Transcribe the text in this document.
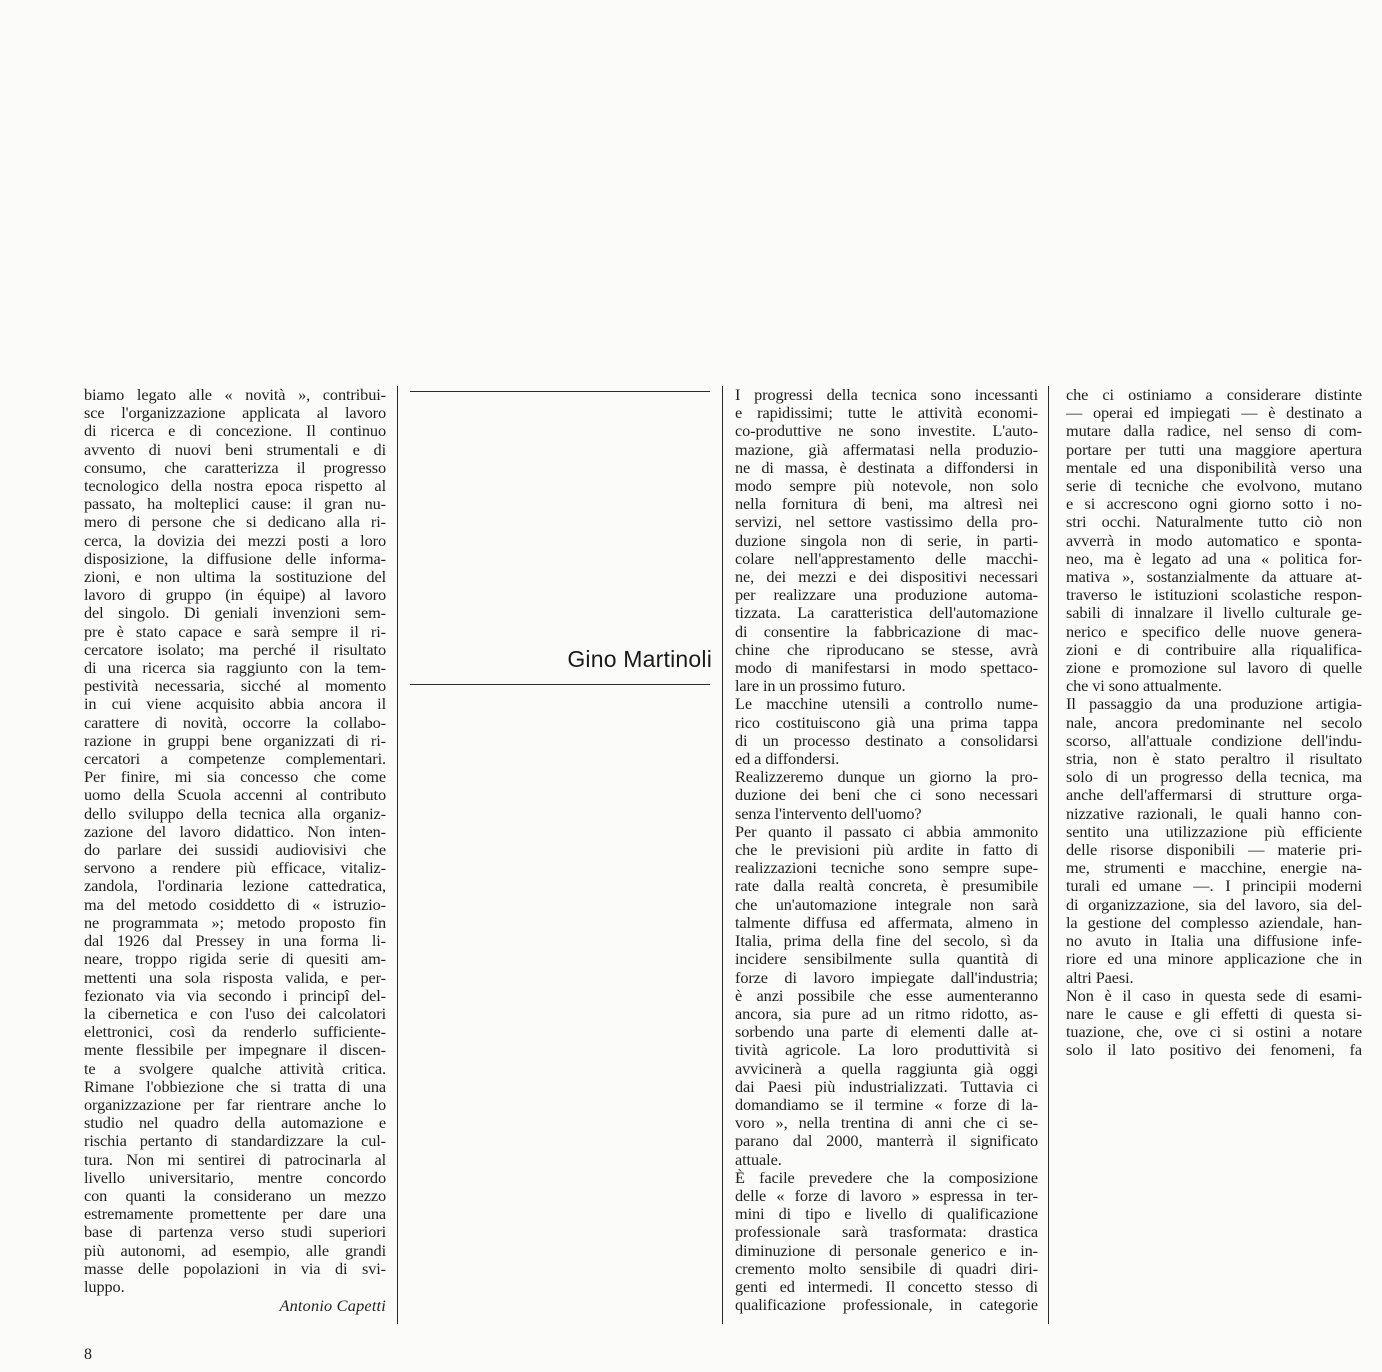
biamo legato alle « novità », contribui-
sce l'organizzazione applicata al lavoro
di ricerca e di concezione. Il continuo
avvento di nuovi beni strumentali e di
consumo, che caratterizza il progresso
tecnologico della nostra epoca rispetto al
passato, ha molteplici cause: il gran nu-
mero di persone che si dedicano alla ri-
cerca, la dovizia dei mezzi posti a loro
disposizione, la diffusione delle informa-
zioni, e non ultima la sostituzione del
lavoro di gruppo (in équipe) al lavoro
del singolo. Di geniali invenzioni sem-
pre è stato capace e sarà sempre il ri-
cercatore isolato; ma perché il risultato
di una ricerca sia raggiunto con la tem-
pestività necessaria, sicché al momento
in cui viene acquisito abbia ancora il
carattere di novità, occorre la collabo-
razione in gruppi bene organizzati di ri-
cercatori a competenze complementari.
Per finire, mi sia concesso che come
uomo della Scuola accenni al contributo
dello sviluppo della tecnica alla organiz-
zazione del lavoro didattico. Non inten-
do parlare dei sussidi audiovisivi che
servono a rendere più efficace, vitaliz-
zandola, l'ordinaria lezione cattedratica,
ma del metodo cosiddetto di « istruzio-
ne programmata »; metodo proposto fin
dal 1926 dal Pressey in una forma li-
neare, troppo rigida serie di quesiti am-
mettenti una sola risposta valida, e per-
fezionato via via secondo i principî del-
la cibernetica e con l'uso dei calcolatori
elettronici, così da renderlo sufficiente-
mente flessibile per impegnare il discen-
te a svolgere qualche attività critica.
Rimane l'obbiezione che si tratta di una
organizzazione per far rientrare anche lo
studio nel quadro della automazione e
rischia pertanto di standardizzare la cul-
tura. Non mi sentirei di patrocinarla al
livello universitario, mentre concordo
con quanti la considerano un mezzo
estremamente promettente per dare una
base di partenza verso studi superiori
più autonomi, ad esempio, alle grandi
masse delle popolazioni in via di svi-
luppo.
Antonio Capetti
Gino Martinoli
I progressi della tecnica sono incessanti
e rapidissimi; tutte le attività economi-
co-produttive ne sono investite. L'auto-
mazione, già affermatasi nella produzio-
ne di massa, è destinata a diffondersi in
modo sempre più notevole, non solo
nella fornitura di beni, ma altresì nei
servizi, nel settore vastissimo della pro-
duzione singola non di serie, in parti-
colare nell'apprestamento delle macchi-
ne, dei mezzi e dei dispositivi necessari
per realizzare una produzione automa-
tizzata. La caratteristica dell'automazione
di consentire la fabbricazione di mac-
chine che riproducano se stesse, avrà
modo di manifestarsi in modo spettaco-
lare in un prossimo futuro.
Le macchine utensili a controllo nume-
rico costituiscono già una prima tappa
di un processo destinato a consolidarsi
ed a diffondersi.
Realizzeremo dunque un giorno la pro-
duzione dei beni che ci sono necessari
senza l'intervento dell'uomo?
Per quanto il passato ci abbia ammonito
che le previsioni più ardite in fatto di
realizzazioni tecniche sono sempre supe-
rate dalla realtà concreta, è presumibile
che un'automazione integrale non sarà
talmente diffusa ed affermata, almeno in
Italia, prima della fine del secolo, sì da
incidere sensibilmente sulla quantità di
forze di lavoro impiegate dall'industria;
è anzi possibile che esse aumenteranno
ancora, sia pure ad un ritmo ridotto, as-
sorbendo una parte di elementi dalle at-
tività agricole. La loro produttività si
avvicinerà a quella raggiunta già oggi
dai Paesi più industrializzati. Tuttavia ci
domandiamo se il termine « forze di la-
voro », nella trentina di anni che ci se-
parano dal 2000, manterrà il significato
attuale.
È facile prevedere che la composizione
delle « forze di lavoro » espressa in ter-
mini di tipo e livello di qualificazione
professionale sarà trasformata: drastica
diminuzione di personale generico e in-
cremento molto sensibile di quadri diri-
genti ed intermedi. Il concetto stesso di
qualificazione professionale, in categorie
che ci ostiniamo a considerare distinte
— operai ed impiegati — è destinato a
mutare dalla radice, nel senso di com-
portare per tutti una maggiore apertura
mentale ed una disponibilità verso una
serie di tecniche che evolvono, mutano
e si accrescono ogni giorno sotto i no-
stri occhi. Naturalmente tutto ciò non
avverrà in modo automatico e sponta-
neo, ma è legato ad una « politica for-
mativa », sostanzialmente da attuare at-
traverso le istituzioni scolastiche respon-
sabili di innalzare il livello culturale ge-
nerico e specifico delle nuove genera-
zioni e di contribuire alla riqualifica-
zione e promozione sul lavoro di quelle
che vi sono attualmente.
Il passaggio da una produzione artigia-
nale, ancora predominante nel secolo
scorso, all'attuale condizione dell'indu-
stria, non è stato peraltro il risultato
solo di un progresso della tecnica, ma
anche dell'affermarsi di strutture orga-
nizzative razionali, le quali hanno con-
sentito una utilizzazione più efficiente
delle risorse disponibili — materie pri-
me, strumenti e macchine, energie na-
turali ed umane —. I principii moderni
di organizzazione, sia del lavoro, sia del-
la gestione del complesso aziendale, han-
no avuto in Italia una diffusione infe-
riore ed una minore applicazione che in
altri Paesi.
Non è il caso in questa sede di esami-
nare le cause e gli effetti di questa si-
tuazione, che, ove ci si ostini a notare
solo il lato positivo dei fenomeni, fa
8
